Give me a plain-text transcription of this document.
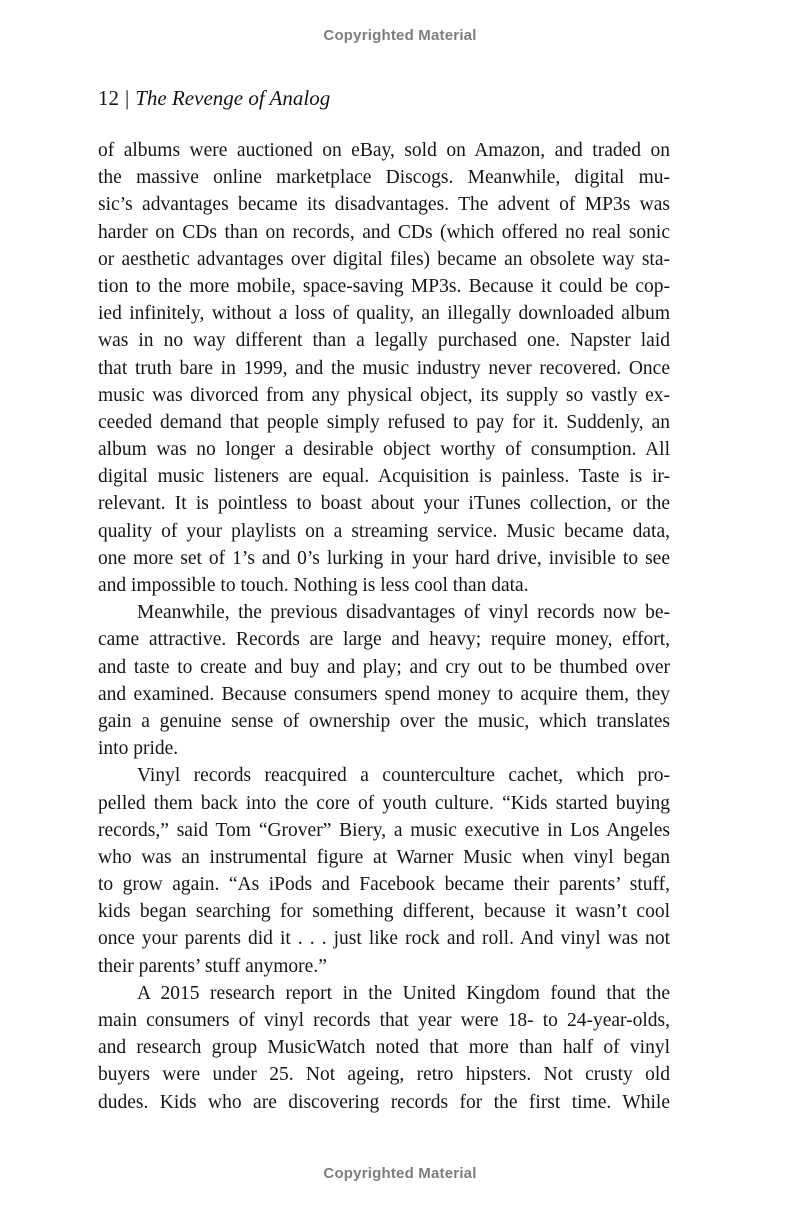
Copyrighted Material
12 | The Revenge of Analog
of albums were auctioned on eBay, sold on Amazon, and traded on
the massive online marketplace Discogs. Meanwhile, digital mu-
sic’s advantages became its disadvantages. The advent of MP3s was
harder on CDs than on records, and CDs (which offered no real sonic
or aesthetic advantages over digital files) became an obsolete way sta-
tion to the more mobile, space-saving MP3s. Because it could be cop-
ied infinitely, without a loss of quality, an illegally downloaded album
was in no way different than a legally purchased one. Napster laid
that truth bare in 1999, and the music industry never recovered. Once
music was divorced from any physical object, its supply so vastly ex-
ceeded demand that people simply refused to pay for it. Suddenly, an
album was no longer a desirable object worthy of consumption. All
digital music listeners are equal. Acquisition is painless. Taste is ir-
relevant. It is pointless to boast about your iTunes collection, or the
quality of your playlists on a streaming service. Music became data,
one more set of 1’s and 0’s lurking in your hard drive, invisible to see
and impossible to touch. Nothing is less cool than data.
Meanwhile, the previous disadvantages of vinyl records now be-
came attractive. Records are large and heavy; require money, effort,
and taste to create and buy and play; and cry out to be thumbed over
and examined. Because consumers spend money to acquire them, they
gain a genuine sense of ownership over the music, which translates
into pride.
Vinyl records reacquired a counterculture cachet, which pro-
pelled them back into the core of youth culture. “Kids started buying
records,” said Tom “Grover” Biery, a music executive in Los Angeles
who was an instrumental figure at Warner Music when vinyl began
to grow again. “As iPods and Facebook became their parents’ stuff,
kids began searching for something different, because it wasn’t cool
once your parents did it . . . just like rock and roll. And vinyl was not
their parents’ stuff anymore.”
A 2015 research report in the United Kingdom found that the
main consumers of vinyl records that year were 18- to 24-year-olds,
and research group MusicWatch noted that more than half of vinyl
buyers were under 25. Not ageing, retro hipsters. Not crusty old
dudes. Kids who are discovering records for the first time. While
Copyrighted Material
